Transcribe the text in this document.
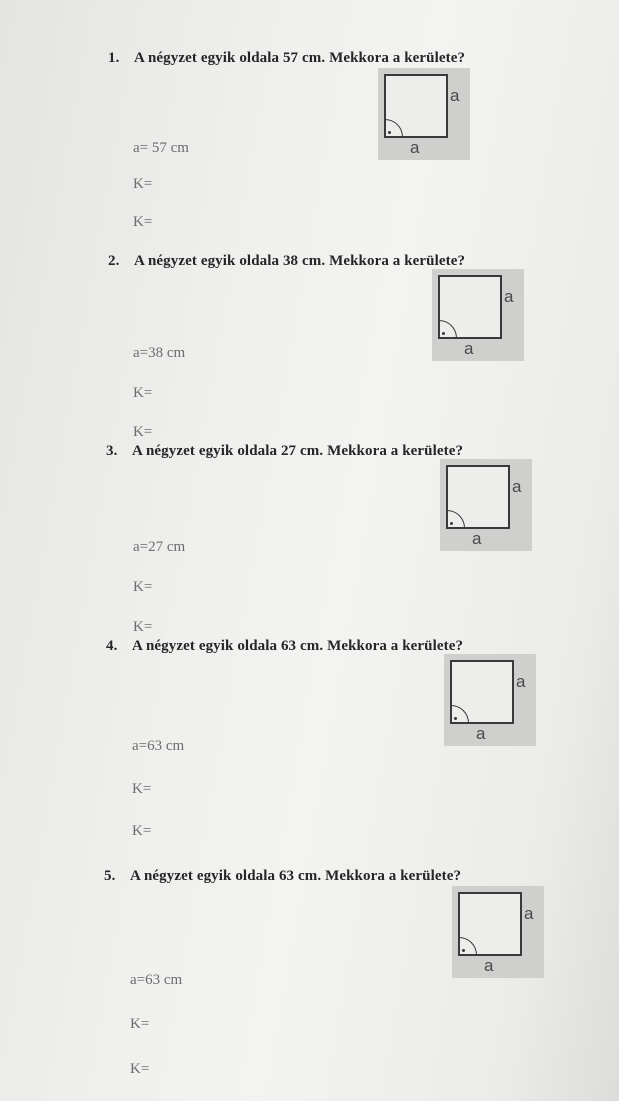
1. A négyzet egyik oldala 57 cm. Mekkora a kerülete?
a
a
a= 57 cm
K=
K=
2. A négyzet egyik oldala 38 cm. Mekkora a kerülete?
a
a
a=38 cm
K=
K=
3. A négyzet egyik oldala 27 cm. Mekkora a kerülete?
a
a
a=27 cm
K=
K=
4. A négyzet egyik oldala 63 cm. Mekkora a kerülete?
a
a
a=63 cm
K=
K=
5. A négyzet egyik oldala 63 cm. Mekkora a kerülete?
a
a
a=63 cm
K=
K=
